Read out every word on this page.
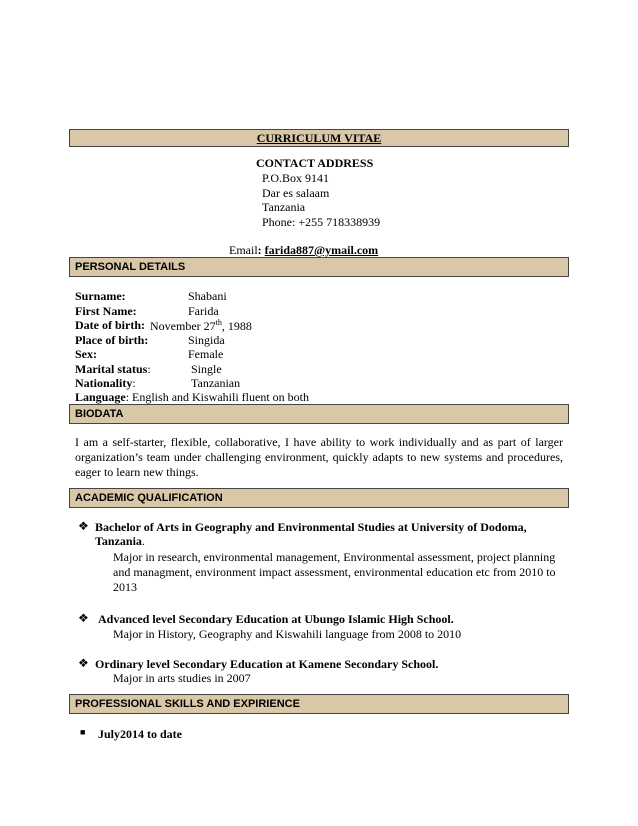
CURRICULUM VITAE
CONTACT ADDRESS
P.O.Box 9141
Dar es salaam
Tanzania
Phone: +255 718338939
Email: farida887@ymail.com
PERSONAL DETAILS
Surname:	Shabani
First Name:	Farida
Date of birth: November 27th, 1988
Place of birth:	Singida
Sex:	Female
Marital status:	Single
Nationality:	Tanzanian
Language: English and Kiswahili fluent on both
BIODATA
I am a self-starter, flexible, collaborative, I have ability to work individually and as part of larger organization’s team under challenging environment, quickly adapts to new systems and procedures, eager to learn new things.
ACADEMIC QUALIFICATION
❖ Bachelor of Arts in Geography and Environmental Studies at University of Dodoma,
Tanzania.
Major in research, environmental management, Environmental assessment, project planning and managment, environment impact assessment, environmental education etc from 2010 to 2013
❖ Advanced level Secondary Education at Ubungo Islamic High School.
Major in History, Geography and Kiswahili language from 2008 to 2010
❖ Ordinary level Secondary Education at Kamene Secondary School.
Major in arts studies in 2007
PROFESSIONAL SKILLS AND EXPIRIENCE
■ July2014 to date
